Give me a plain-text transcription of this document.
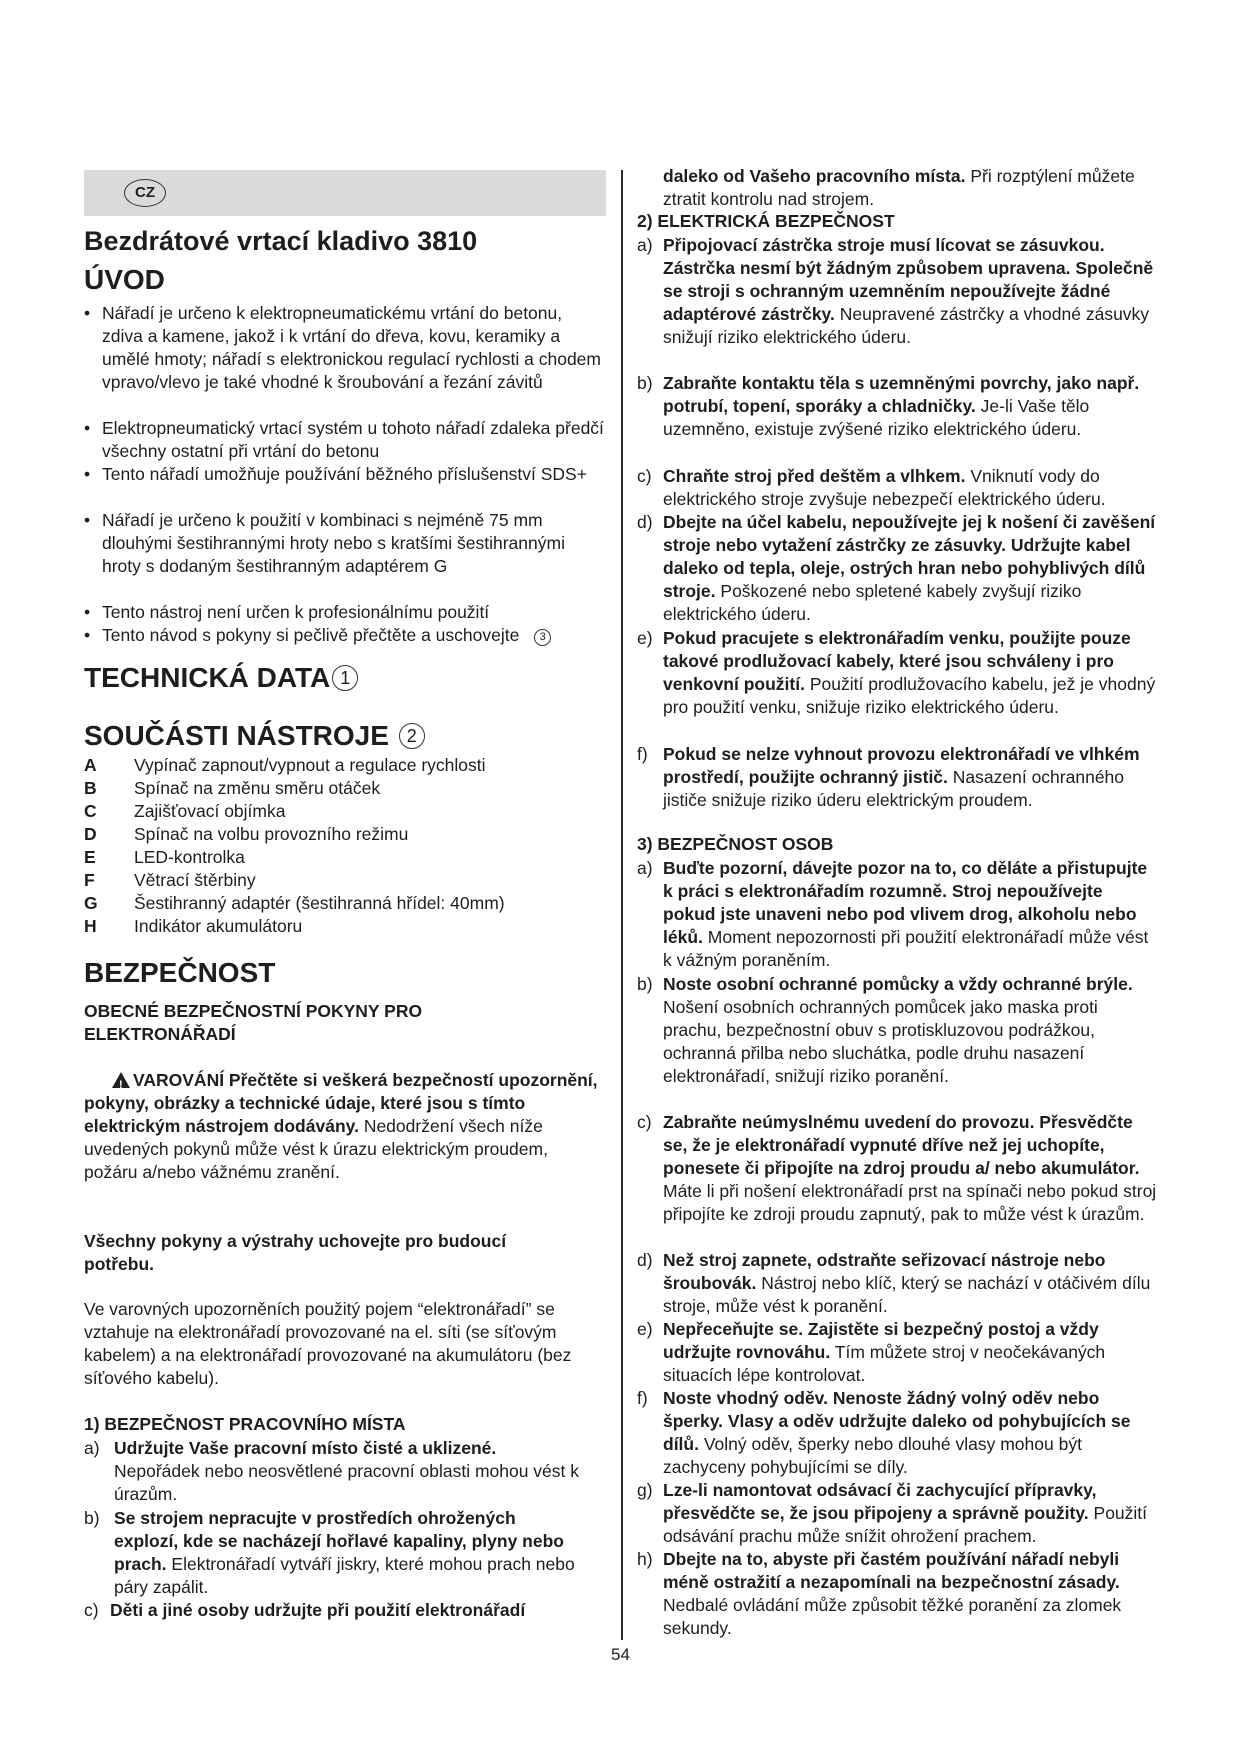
CZ
Bezdrátové vrtací kladivo 3810
ÚVOD
• Nářadí je určeno k elektropneumatickému vrtání do betonu, zdiva a kamene, jakož i k vrtání do dřeva, kovu, keramiky a umělé hmoty; nářadí s elektronickou regulací rychlosti a chodem vpravo/vlevo je také vhodné k šroubování a řezání závitů
• Elektropneumatický vrtací systém u tohoto nářadí zdaleka předčí všechny ostatní při vrtání do betonu
• Tento nářadí umožňuje používání běžného příslušenství SDS+
• Nářadí je určeno k použití v kombinaci s nejméně 75 mm dlouhými šestihrannými hroty nebo s kratšími šestihrannými hroty s dodaným šestihranným adaptérem G
• Tento nástroj není určen k profesionálnímu použití
• Tento návod s pokyny si pečlivě přečtěte a uschovejte 3
TECHNICKÁ DATA 1
SOUČÁSTI NÁSTROJE 2
A Vypínač zapnout/vypnout a regulace rychlosti
B Spínač na změnu směru otáček
C Zajišťovací objímka
D Spínač na volbu provozního režimu
E LED-kontrolka
F Větrací štěrbiny
G Šestihranný adaptér (šestihranná hřídel: 40mm)
H Indikátor akumulátoru
BEZPEČNOST
OBECNÉ BEZPEČNOSTNÍ POKYNY PRO ELEKTRONÁŘADÍ
!VAROVÁNÍ Přečtěte si veškerá bezpečností upozornění, pokyny, obrázky a technické údaje, které jsou s tímto elektrickým nástrojem dodávány. Nedodržení všech níže uvedených pokynů může vést k úrazu elektrickým proudem, požáru a/nebo vážnému zranění.
Všechny pokyny a výstrahy uchovejte pro budoucí potřebu.
Ve varovných upozorněních použitý pojem “elektronářadí” se vztahuje na elektronářadí provozované na el. síti (se síťovým kabelem) a na elektronářadí provozované na akumulátoru (bez síťového kabelu).
1) BEZPEČNOST PRACOVNÍHO MÍSTA
a) Udržujte Vaše pracovní místo čisté a uklizené. Nepořádek nebo neosvětlené pracovní oblasti mohou vést k úrazům.
b) Se strojem nepracujte v prostředích ohrožených explozí, kde se nacházejí hořlavé kapaliny, plyny nebo prach. Elektronářadí vytváří jiskry, které mohou prach nebo páry zapálit.
c) Děti a jiné osoby udržujte při použití elektronářadí
daleko od Vašeho pracovního místa. Při rozptýlení můžete ztratit kontrolu nad strojem.
2) ELEKTRICKÁ BEZPEČNOST
a) Připojovací zástrčka stroje musí lícovat se zásuvkou. Zástrčka nesmí být žádným způsobem upravena. Společně se stroji s ochranným uzemněním nepoužívejte žádné adaptérové zástrčky. Neupravené zástrčky a vhodné zásuvky snižují riziko elektrického úderu.
b) Zabraňte kontaktu těla s uzemněnými povrchy, jako např. potrubí, topení, sporáky a chladničky. Je-li Vaše tělo uzemněno, existuje zvýšené riziko elektrického úderu.
c) Chraňte stroj před deštěm a vlhkem. Vniknutí vody do elektrického stroje zvyšuje nebezpečí elektrického úderu.
d) Dbejte na účel kabelu, nepoužívejte jej k nošení či zavěšení stroje nebo vytažení zástrčky ze zásuvky. Udržujte kabel daleko od tepla, oleje, ostrých hran nebo pohyblivých dílů stroje. Poškozené nebo spletené kabely zvyšují riziko elektrického úderu.
e) Pokud pracujete s elektronářadím venku, použijte pouze takové prodlužovací kabely, které jsou schváleny i pro venkovní použití. Použití prodlužovacího kabelu, jež je vhodný pro použití venku, snižuje riziko elektrického úderu.
f) Pokud se nelze vyhnout provozu elektronářadí ve vlhkém prostředí, použijte ochranný jistič. Nasazení ochranného jističe snižuje riziko úderu elektrickým proudem.
3) BEZPEČNOST OSOB
a) Buďte pozorní, dávejte pozor na to, co děláte a přistupujte k práci s elektronářadím rozumně. Stroj nepoužívejte pokud jste unaveni nebo pod vlivem drog, alkoholu nebo léků. Moment nepozornosti při použití elektronářadí může vést k vážným poraněním.
b) Noste osobní ochranné pomůcky a vždy ochranné brýle. Nošení osobních ochranných pomůcek jako maska proti prachu, bezpečnostní obuv s protiskluzovou podrážkou, ochranná přilba nebo sluchátka, podle druhu nasazení elektronářadí, snižují riziko poranění.
c) Zabraňte neúmyslnému uvedení do provozu. Přesvědčte se, že je elektronářadí vypnuté dříve než jej uchopíte, ponesete či připojíte na zdroj proudu a/ nebo akumulátor. Máte li při nošení elektronářadí prst na spínači nebo pokud stroj připojíte ke zdroji proudu zapnutý, pak to může vést k úrazům.
d) Než stroj zapnete, odstraňte seřizovací nástroje nebo šroubovák. Nástroj nebo klíč, který se nachází v otáčivém dílu stroje, může vést k poranění.
e) Nepřeceňujte se. Zajistěte si bezpečný postoj a vždy udržujte rovnováhu. Tím můžete stroj v neočekávaných situacích lépe kontrolovat.
f) Noste vhodný oděv. Nenoste žádný volný oděv nebo šperky. Vlasy a oděv udržujte daleko od pohybujících se dílů. Volný oděv, šperky nebo dlouhé vlasy mohou být zachyceny pohybujícími se díly.
g) Lze-li namontovat odsávací či zachycující přípravky, přesvědčte se, že jsou připojeny a správně použity. Použití odsávání prachu může snížit ohrožení prachem.
h) Dbejte na to, abyste při častém používání nářadí nebyli méně ostražití a nezapomínali na bezpečnostní zásady. Nedbalé ovládání může způsobit těžké poranění za zlomek sekundy.
54
